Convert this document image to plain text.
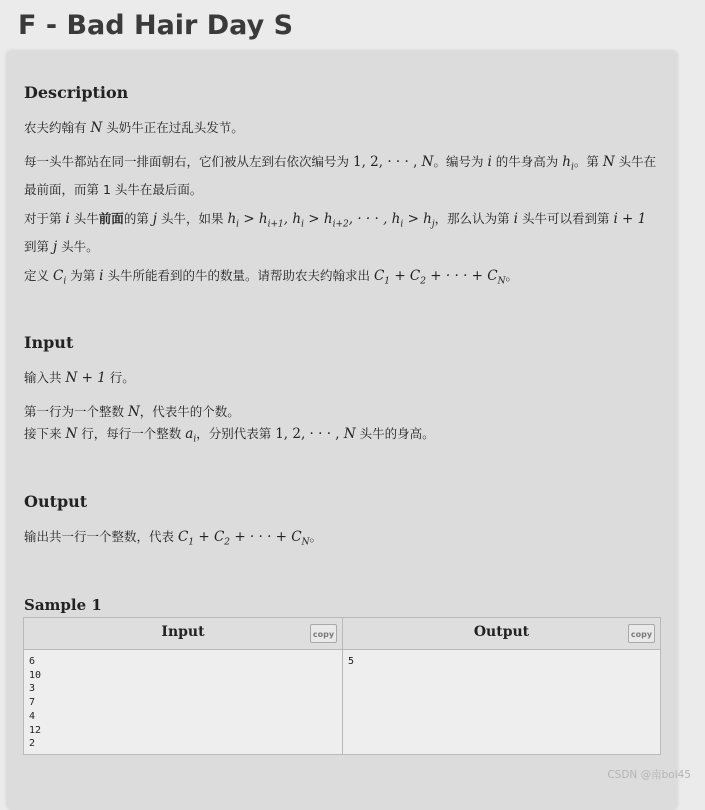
F - Bad Hair Day S
Description

农夫约翰有 N 头奶牛正在过乱头发节。

每一头牛都站在同一排面朝右，它们被从左到右依次编号为 1, 2, · · · , N。编号为 i 的牛身高为 $h_i$。第 N 头牛在
最前面，而第 1 头牛在最后面。

对于第 i 头牛前面的第 j 头牛，如果 $h_i > h_{i+1}$, $h_i > h_{i+2}$, · · · , $h_i > h_j$，那么认为第 i 头牛可以看到第 i + 1
到第 j 头牛。

定义 $C_i$ 为第 i 头牛所能看到的牛的数量。请帮助农夫约翰求出 $C_1 + C_2$ + · · · + $C_N$。

Input

输入共 N + 1 行。

第一行为一个整数 N，代表牛的个数。
接下来 N 行，每行一个整数 $a_i$，分别代表第 1, 2, · · · , N 头牛的身高。

Output

输出共一行一个整数，代表 $C_1 + C_2$ + · · · + $C_N$。

Sample 1
Input	copy
6
10
3
7
4
12
2
Output	copy
5
CSDN @南bol45
